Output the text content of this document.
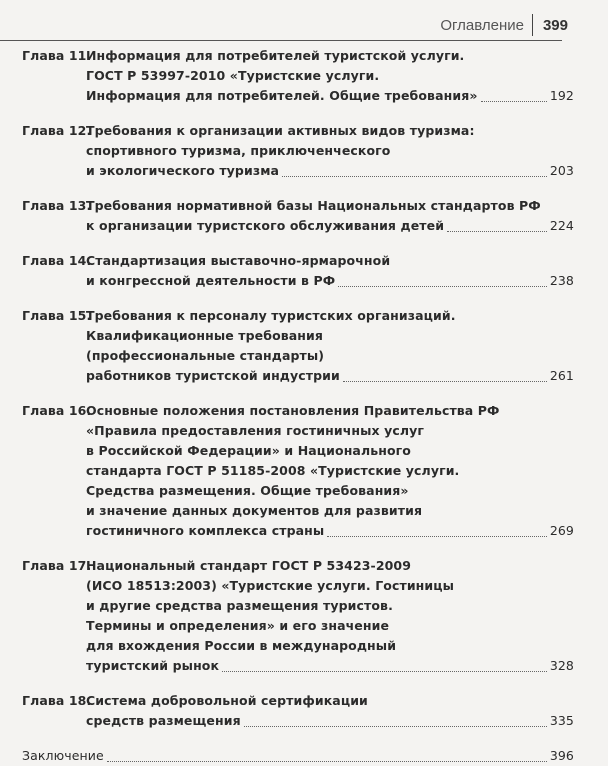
Оглавление 399
Глава 11.
Информация для потребителей туристской услуги.
ГОСТ Р 53997-2010 «Туристские услуги.
Информация для потребителей. Общие требования»	192
Глава 12.
Требования к организации активных видов туризма:
спортивного туризма, приключенческого
и экологического туризма	203
Глава 13.
Требования нормативной базы Национальных стандартов РФ
к организации туристского обслуживания детей	224
Глава 14.
Стандартизация выставочно-ярмарочной
и конгрессной деятельности в РФ	238
Глава 15.
Требования к персоналу туристских организаций.
Квалификационные требования
(профессиональные стандарты)
работников туристской индустрии	261
Глава 16.
Основные положения постановления Правительства РФ
«Правила предоставления гостиничных услуг
в Российской Федерации» и Национального
стандарта ГОСТ Р 51185-2008 «Туристские услуги.
Средства размещения. Общие требования»
и значение данных документов для развития
гостиничного комплекса страны	269
Глава 17.
Национальный стандарт ГОСТ Р 53423-2009
(ИСО 18513:2003) «Туристские услуги. Гостиницы
и другие средства размещения туристов.
Термины и определения» и его значение
для вхождения России в международный
туристский рынок	328
Глава 18.
Система добровольной сертификации
средств размещения	335
Заключение	396
